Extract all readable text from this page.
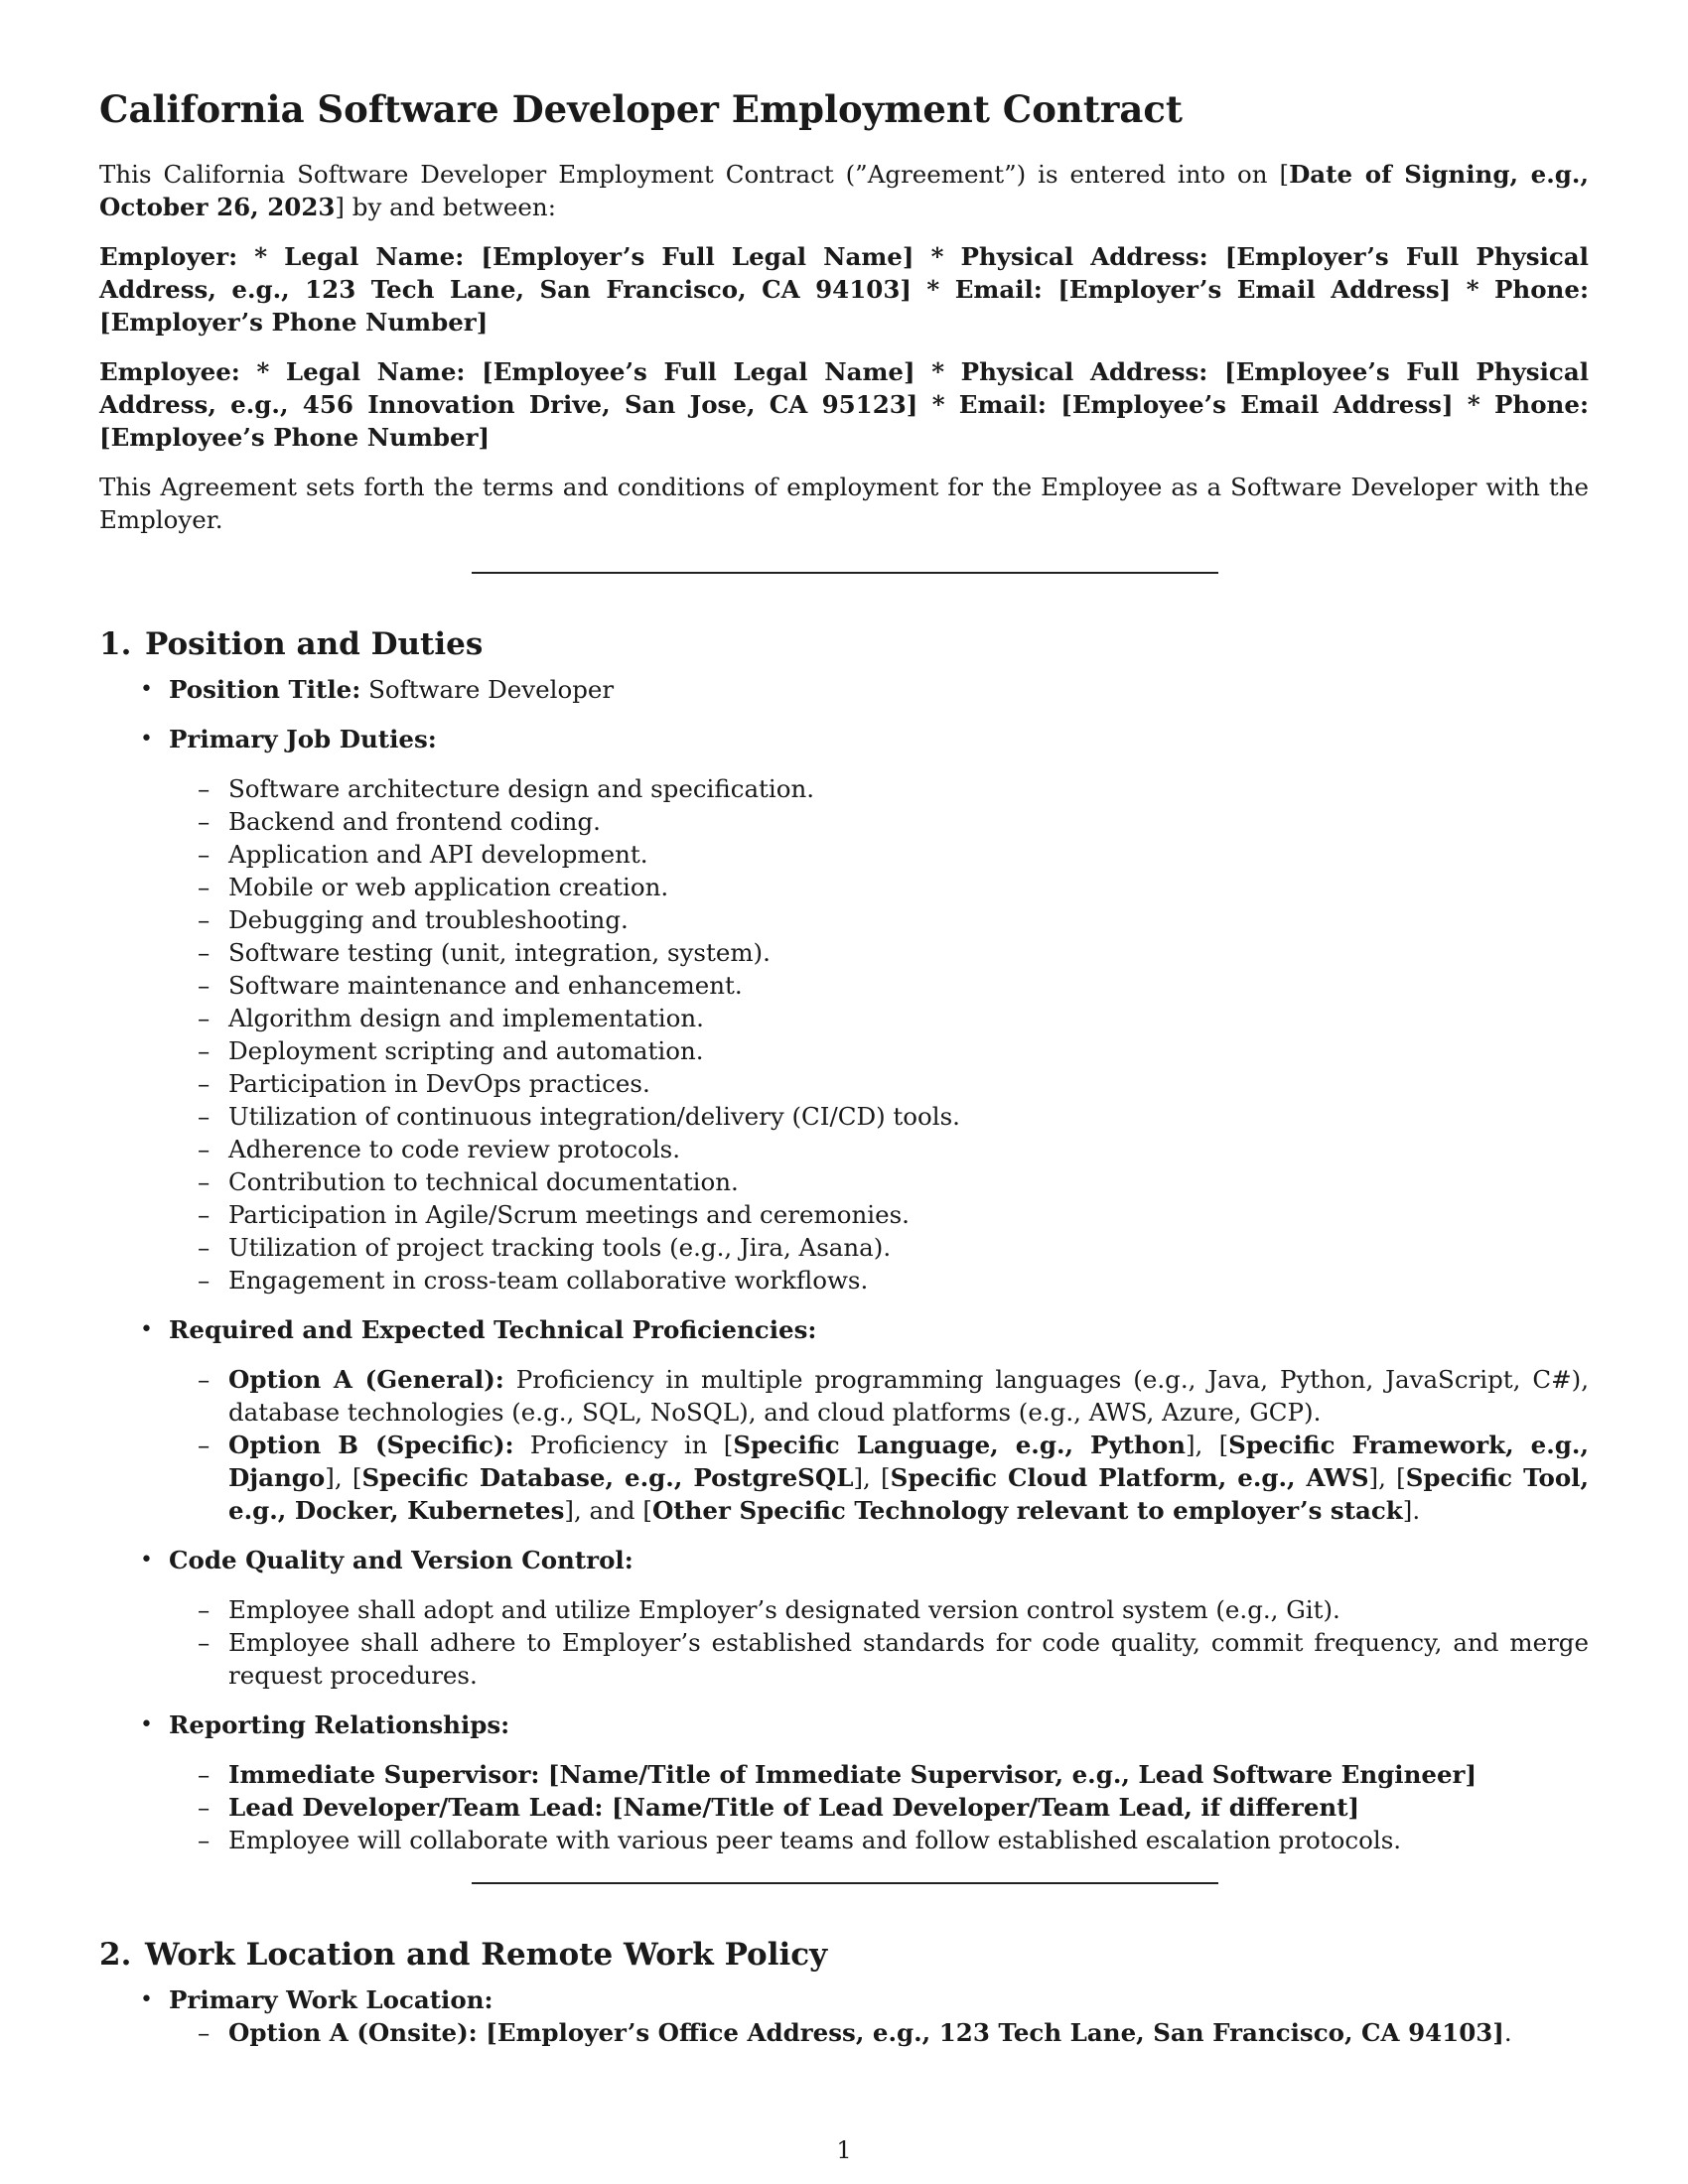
California Software Developer Employment Contract

This California Software Developer Employment Contract (”Agreement”) is entered into on [Date of Signing, e.g., October 26, 2023] by and between:

Employer: * Legal Name: [Employer’s Full Legal Name] * Physical Address: [Employer’s Full Physical Address, e.g., 123 Tech Lane, San Francisco, CA 94103] * Email: [Employer’s Email Address] * Phone: [Employer’s Phone Number]

Employee: * Legal Name: [Employee’s Full Legal Name] * Physical Address: [Employee’s Full Physical Address, e.g., 456 Innovation Drive, San Jose, CA 95123] * Email: [Employee’s Email Address] * Phone: [Employee’s Phone Number]

This Agreement sets forth the terms and conditions of employment for the Employee as a Software Developer with the Employer.

1. Position and Duties
• Position Title: Software Developer
• Primary Job Duties:
– Software architecture design and specification.
– Backend and frontend coding.
– Application and API development.
– Mobile or web application creation.
– Debugging and troubleshooting.
– Software testing (unit, integration, system).
– Software maintenance and enhancement.
– Algorithm design and implementation.
– Deployment scripting and automation.
– Participation in DevOps practices.
– Utilization of continuous integration/delivery (CI/CD) tools.
– Adherence to code review protocols.
– Contribution to technical documentation.
– Participation in Agile/Scrum meetings and ceremonies.
– Utilization of project tracking tools (e.g., Jira, Asana).
– Engagement in cross-team collaborative workflows.
• Required and Expected Technical Proficiencies:
– Option A (General): Proficiency in multiple programming languages (e.g., Java, Python, JavaScript, C#), database technologies (e.g., SQL, NoSQL), and cloud platforms (e.g., AWS, Azure, GCP).
– Option B (Specific): Proficiency in [Specific Language, e.g., Python], [Specific Framework, e.g., Django], [Specific Database, e.g., PostgreSQL], [Specific Cloud Platform, e.g., AWS], [Specific Tool, e.g., Docker, Kubernetes], and [Other Specific Technology relevant to employer’s stack].
• Code Quality and Version Control:
– Employee shall adopt and utilize Employer’s designated version control system (e.g., Git).
– Employee shall adhere to Employer’s established standards for code quality, commit frequency, and merge request procedures.
• Reporting Relationships:
– Immediate Supervisor: [Name/Title of Immediate Supervisor, e.g., Lead Software Engineer]
– Lead Developer/Team Lead: [Name/Title of Lead Developer/Team Lead, if different]
– Employee will collaborate with various peer teams and follow established escalation protocols.
2. Work Location and Remote Work Policy
• Primary Work Location:
– Option A (Onsite): [Employer’s Office Address, e.g., 123 Tech Lane, San Francisco, CA 94103].
1
